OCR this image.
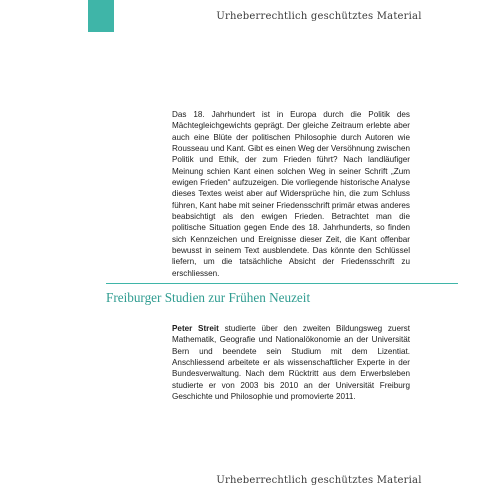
Urheberrechtlich geschütztes Material
Das 18. Jahrhundert ist in Europa durch die Politik des Mächtegleichgewichts geprägt. Der gleiche Zeitraum erlebte aber auch eine Blüte der politischen Philosophie durch Autoren wie Rousseau und Kant. Gibt es einen Weg der Versöhnung zwischen Politik und Ethik, der zum Frieden führt? Nach landläufiger Meinung schien Kant einen solchen Weg in seiner Schrift „Zum ewigen Frieden“ aufzuzeigen. Die vorliegende historische Analyse dieses Textes weist aber auf Widersprüche hin, die zum Schluss führen, Kant habe mit seiner Friedensschrift primär etwas anderes beabsichtigt als den ewigen Frieden. Betrachtet man die politische Situation gegen Ende des 18. Jahrhunderts, so finden sich Kennzeichen und Ereignisse dieser Zeit, die Kant offenbar bewusst in seinem Text ausblendete. Das könnte den Schlüssel liefern, um die tatsächliche Absicht der Friedensschrift zu erschliessen.
Freiburger Studien zur Frühen Neuzeit
Peter Streit studierte über den zweiten Bildungsweg zuerst Mathematik, Geografie und Nationalökonomie an der Universität Bern und beendete sein Studium mit dem Lizentiat. Anschliessend arbeitete er als wissenschaftlicher Experte in der Bundesverwaltung. Nach dem Rücktritt aus dem Erwerbsleben studierte er von 2003 bis 2010 an der Universität Freiburg Geschichte und Philosophie und promovierte 2011.
Urheberrechtlich geschütztes Material
